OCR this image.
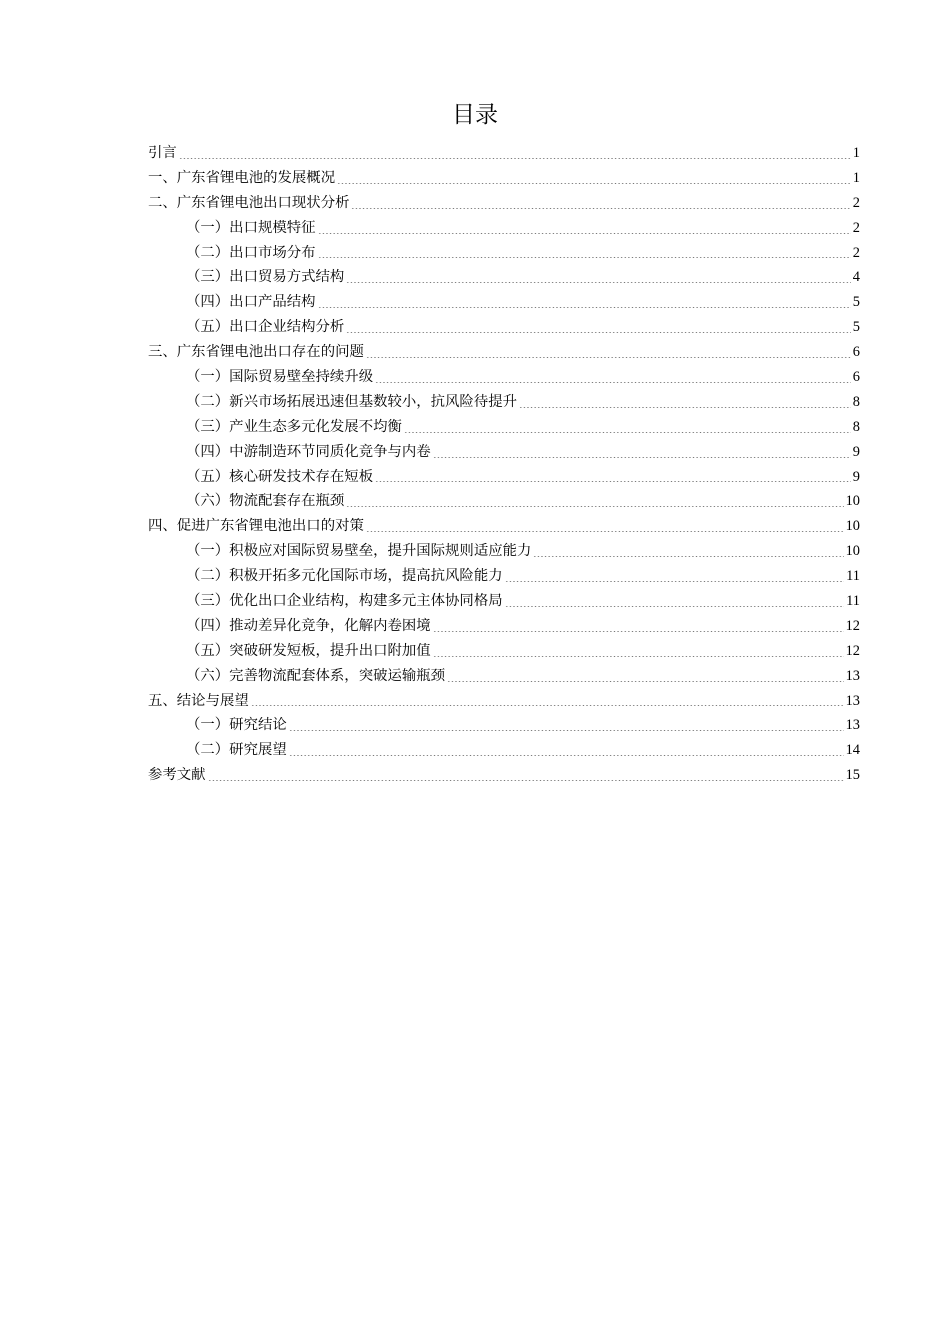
目录
引言	1
一、广东省锂电池的发展概况	1
二、广东省锂电池出口现状分析	2
（一）出口规模特征	2
（二）出口市场分布	2
（三）出口贸易方式结构	4
（四）出口产品结构	5
（五）出口企业结构分析	5
三、广东省锂电池出口存在的问题	6
（一）国际贸易壁垒持续升级	6
（二）新兴市场拓展迅速但基数较小，抗风险待提升	8
（三）产业生态多元化发展不均衡	8
（四）中游制造环节同质化竞争与内卷	9
（五）核心研发技术存在短板	9
（六）物流配套存在瓶颈	10
四、促进广东省锂电池出口的对策	10
（一）积极应对国际贸易壁垒，提升国际规则适应能力	10
（二）积极开拓多元化国际市场，提高抗风险能力	11
（三）优化出口企业结构，构建多元主体协同格局	11
（四）推动差异化竞争，化解内卷困境	12
（五）突破研发短板，提升出口附加值	12
（六）完善物流配套体系，突破运输瓶颈	13
五、结论与展望	13
（一）研究结论	13
（二）研究展望	14
参考文献	15
